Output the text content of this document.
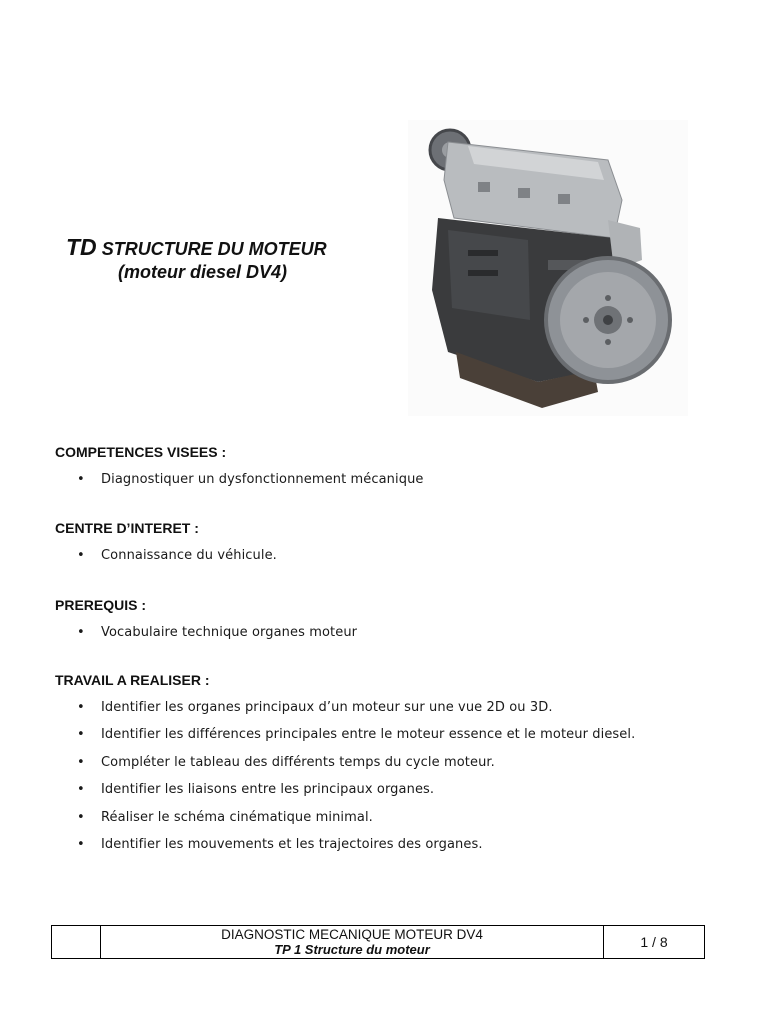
TD STRUCTURE DU MOTEUR
(moteur diesel DV4)

COMPETENCES VISEES :

• Diagnostiquer un dysfonctionnement mécanique

CENTRE D’INTERET :

• Connaissance du véhicule.

PREREQUIS :

• Vocabulaire technique organes moteur

TRAVAIL A REALISER :

• Identifier les organes principaux d’un moteur sur une vue 2D ou 3D.
• Identifier les différences principales entre le moteur essence et le moteur diesel.
• Compléter le tableau des différents temps du cycle moteur.
• Identifier les liaisons entre les principaux organes.
• Réaliser le schéma cinématique minimal.
• Identifier les mouvements et les trajectoires des organes.
DIAGNOSTIC MECANIQUE MOTEUR DV4
TP 1 Structure du moteur	1 / 8
